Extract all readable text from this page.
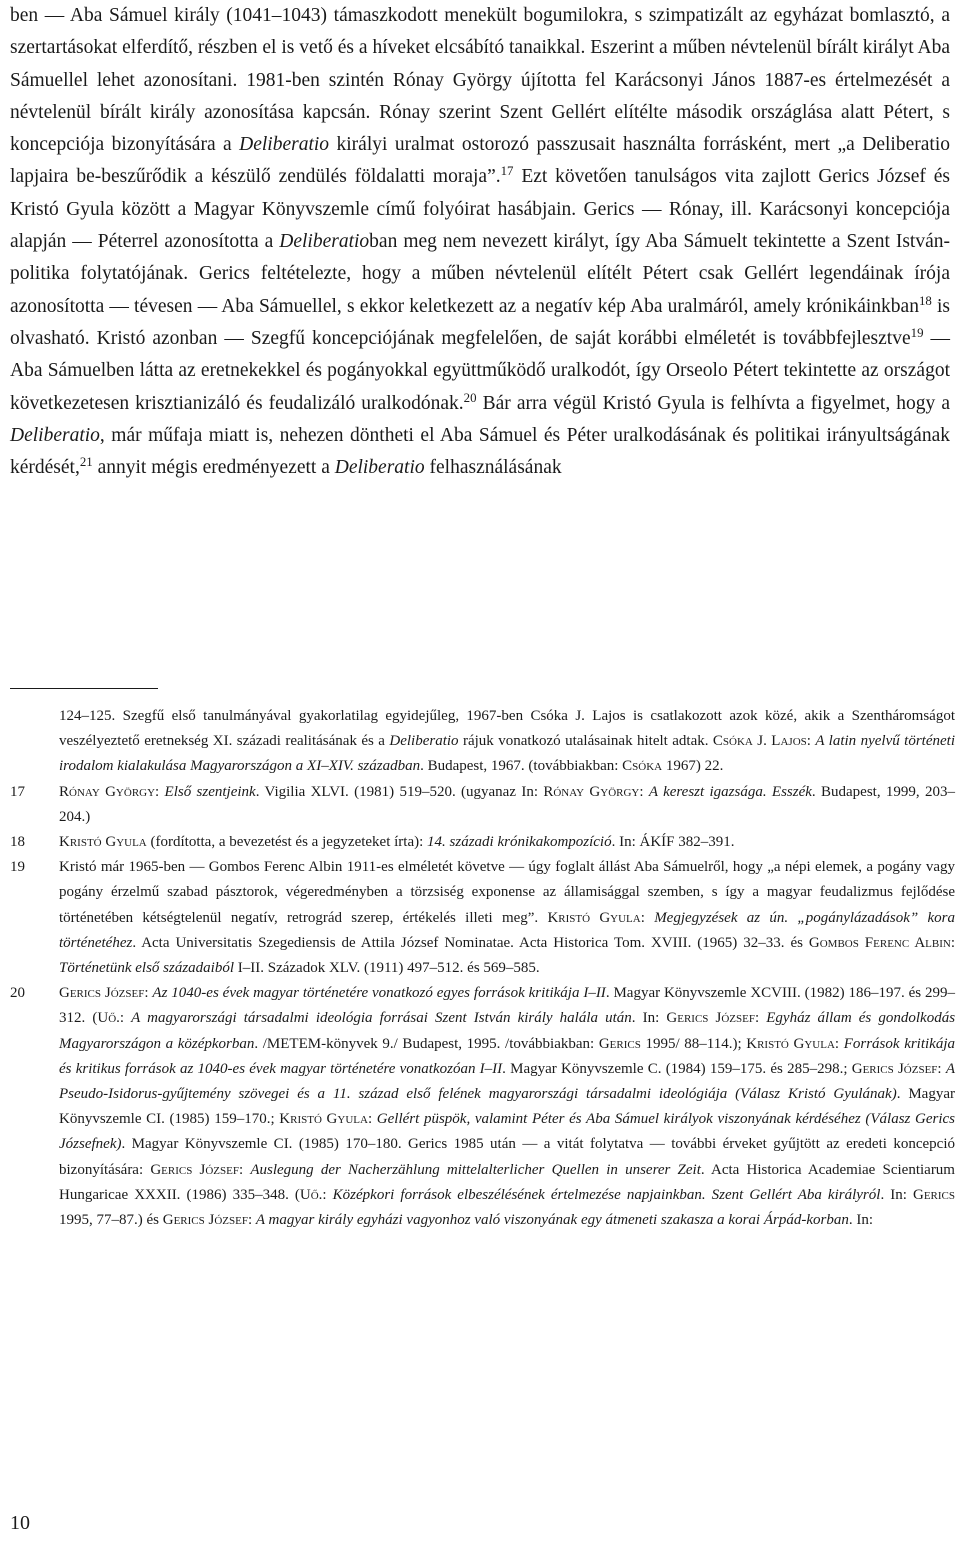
ben — Aba Sámuel király (1041–1043) támaszkodott menekült bogumilokra, s szimpatizált az egyházat bomlasztó, a szertartásokat elferdítő, részben el is vető és a híveket elcsábító tanaikkal. Eszerint a műben névtelenül bírált királyt Aba Sámuellel lehet azonosítani. 1981-ben szintén Rónay György újította fel Karácsonyi János 1887-es értelmezését a névtelenül bírált király azonosítása kapcsán. Rónay szerint Szent Gellért elítélte második országlása alatt Pétert, s koncepciója bizonyítására a Deliberatio királyi uralmat ostorozó passzusait használta forrásként, mert „a Deliberatio lapjaira be-beszűrődik a készülő zendülés földalatti moraja”.$^{17}$ Ezt követően tanulságos vita zajlott Gerics József és Kristó Gyula között a Magyar Könyvszemle című folyóirat hasábjain. Gerics — Rónay, ill. Karácsonyi koncepciója alapján — Péterrel azonosította a Deliberatioban meg nem nevezett királyt, így Aba Sámuelt tekintette a Szent István-politika folytatójának. Gerics feltételezte, hogy a műben névtelenül elítélt Pétert csak Gellért legendáinak írója azonosította — tévesen — Aba Sámuellel, s ekkor keletkezett az a negatív kép Aba uralmáról, amely krónikáinkban$^{18}$ is olvasható. Kristó azonban — Szegfű koncepciójának megfelelően, de saját korábbi elméletét is továbbfejlesztve$^{19}$ — Aba Sámuelben látta az eretnekekkel és pogányokkal együttműködő uralkodót, így Orseolo Pétert tekintette az országot következetesen krisztianizáló és feudalizáló uralkodónak.$^{20}$ Bár arra végül Kristó Gyula is felhívta a figyelmet, hogy a Deliberatio, már műfaja miatt is, nehezen döntheti el Aba Sámuel és Péter uralkodásának és politikai irányultságának kérdését,$^{21}$ annyit mégis eredményezett a Deliberatio felhasználásának

124–125. Szegfű első tanulmányával gyakorlatilag egyidejűleg, 1967-ben Csóka J. Lajos is csatlakozott azok közé, akik a Szentháromságot veszélyeztető eretnekség XI. századi realitásának és a Deliberatio rájuk vonatkozó utalásainak hitelt adtak. Csóka J. Lajos: A latin nyelvű történeti irodalom kialakulása Magyarországon a XI–XIV. században. Budapest, 1967. (továbbiakban: Csóka 1967) 22.

17 Rónay György: Első szentjeink. Vigilia XLVI. (1981) 519–520. (ugyanaz In: Rónay György: A kereszt igazsága. Esszék. Budapest, 1999, 203–204.)

18 Kristó Gyula (fordította, a bevezetést és a jegyzeteket írta): 14. századi krónikakompozíció. In: ÁKÍF 382–391.

19 Kristó már 1965-ben — Gombos Ferenc Albin 1911-es elméletét követve — úgy foglalt állást Aba Sámuelről, hogy „a népi elemek, a pogány vagy pogány érzelmű szabad pásztorok, végeredményben a törzsiség exponense az államisággal szemben, s így a magyar feudalizmus fejlődése történetében kétségtelenül negatív, retrográd szerep, értékelés illeti meg”. Kristó Gyula: Megjegyzések az ún. „pogánylázadások” kora történetéhez. Acta Universitatis Szegediensis de Attila József Nominatae. Acta Historica Tom. XVIII. (1965) 32–33. és Gombos Ferenc Albin: Történetünk első századaiból I–II. Századok XLV. (1911) 497–512. és 569–585.

20 Gerics József: Az 1040-es évek magyar történetére vonatkozó egyes források kritikája I–II. Magyar Könyvszemle XCVIII. (1982) 186–197. és 299–312. (Uő.: A magyarországi társadalmi ideológia forrásai Szent István király halála után. In: Gerics József: Egyház állam és gondolkodás Magyarországon a középkorban. /METEM-könyvek 9./ Budapest, 1995. /továbbiakban: Gerics 1995/ 88–114.); Kristó Gyula: Források kritikája és kritikus források az 1040-es évek magyar történetére vonatkozóan I–II. Magyar Könyvszemle C. (1984) 159–175. és 285–298.; Gerics József: A Pseudo-Isidorus-gyűjtemény szövegei és a 11. század első felének magyarországi társadalmi ideológiája (Válasz Kristó Gyulának). Magyar Könyvszemle CI. (1985) 159–170.; Kristó Gyula: Gellért püspök, valamint Péter és Aba Sámuel királyok viszonyának kérdéséhez (Válasz Gerics Józsefnek). Magyar Könyvszemle CI. (1985) 170–180. Gerics 1985 után — a vitát folytatva — további érveket gyűjtött az eredeti koncepció bizonyítására: Gerics József: Auslegung der Nacherzählung mittelalterlicher Quellen in unserer Zeit. Acta Historica Academiae Scientiarum Hungaricae XXXII. (1986) 335–348. (Uő.: Középkori források elbeszélésének értelmezése napjainkban. Szent Gellért Aba királyról. In: Gerics 1995, 77–87.) és Gerics József: A magyar király egyházi vagyonhoz való viszonyának egy átmeneti szakasza a korai Árpád-korban. In:

10
